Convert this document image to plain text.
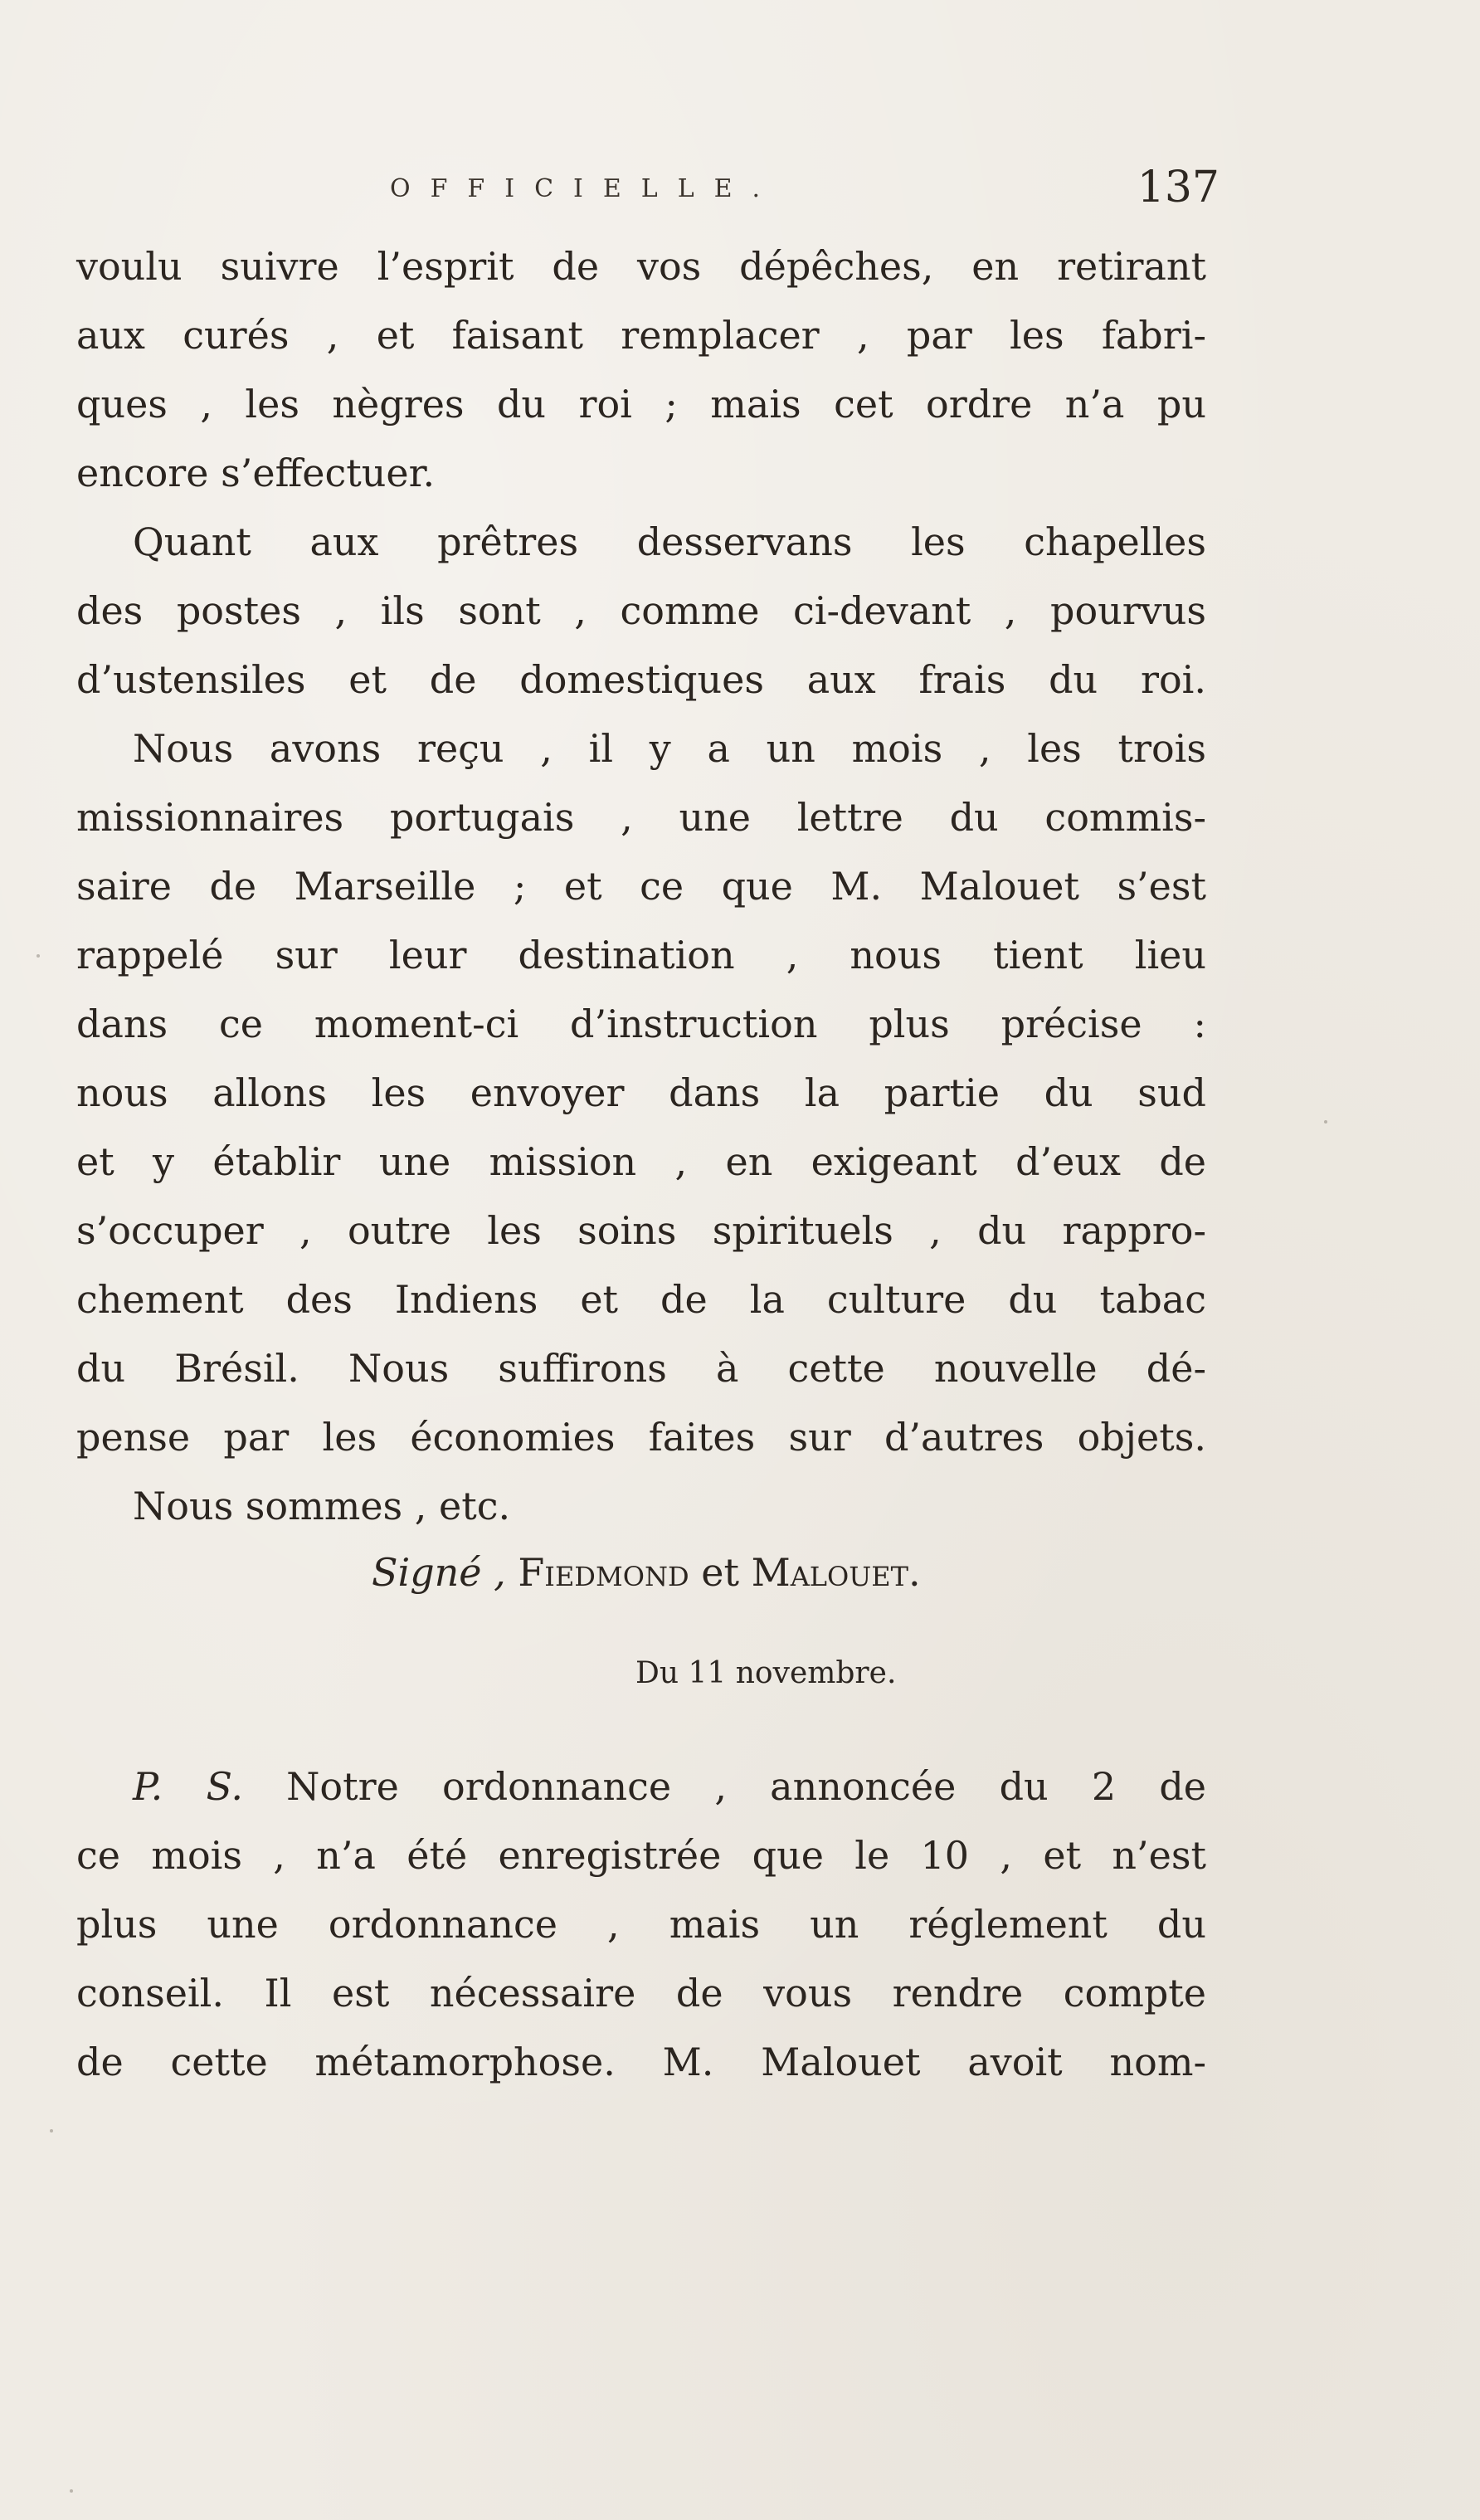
OFFICIELLE.	137
voulu suivre l’esprit de vos dépêches, en retirant
aux curés , et faisant remplacer , par les fabri-
ques , les nègres du roi ; mais cet ordre n’a pu
encore s’effectuer.
Quant aux prêtres desservans les chapelles
des postes , ils sont , comme ci-devant , pourvus
d’ustensiles et de domestiques aux frais du roi.
Nous avons reçu , il y a un mois , les trois
missionnaires portugais , une lettre du commis-
saire de Marseille ; et ce que M. Malouet s’est
rappelé sur leur destination , nous tient lieu
dans ce moment-ci d’instruction plus précise :
nous allons les envoyer dans la partie du sud
et y établir une mission , en exigeant d’eux de
s’occuper , outre les soins spirituels , du rappro-
chement des Indiens et de la culture du tabac
du Brésil. Nous suffirons à cette nouvelle dé-
pense par les économies faites sur d’autres objets.
Nous sommes , etc.
Signé , Fiedmond et Malouet.
Du 11 novembre.
P. S. Notre ordonnance , annoncée du 2 de
ce mois , n’a été enregistrée que le 10 , et n’est
plus une ordonnance , mais un réglement du
conseil. Il est nécessaire de vous rendre compte
de cette métamorphose. M. Malouet avoit nom-
